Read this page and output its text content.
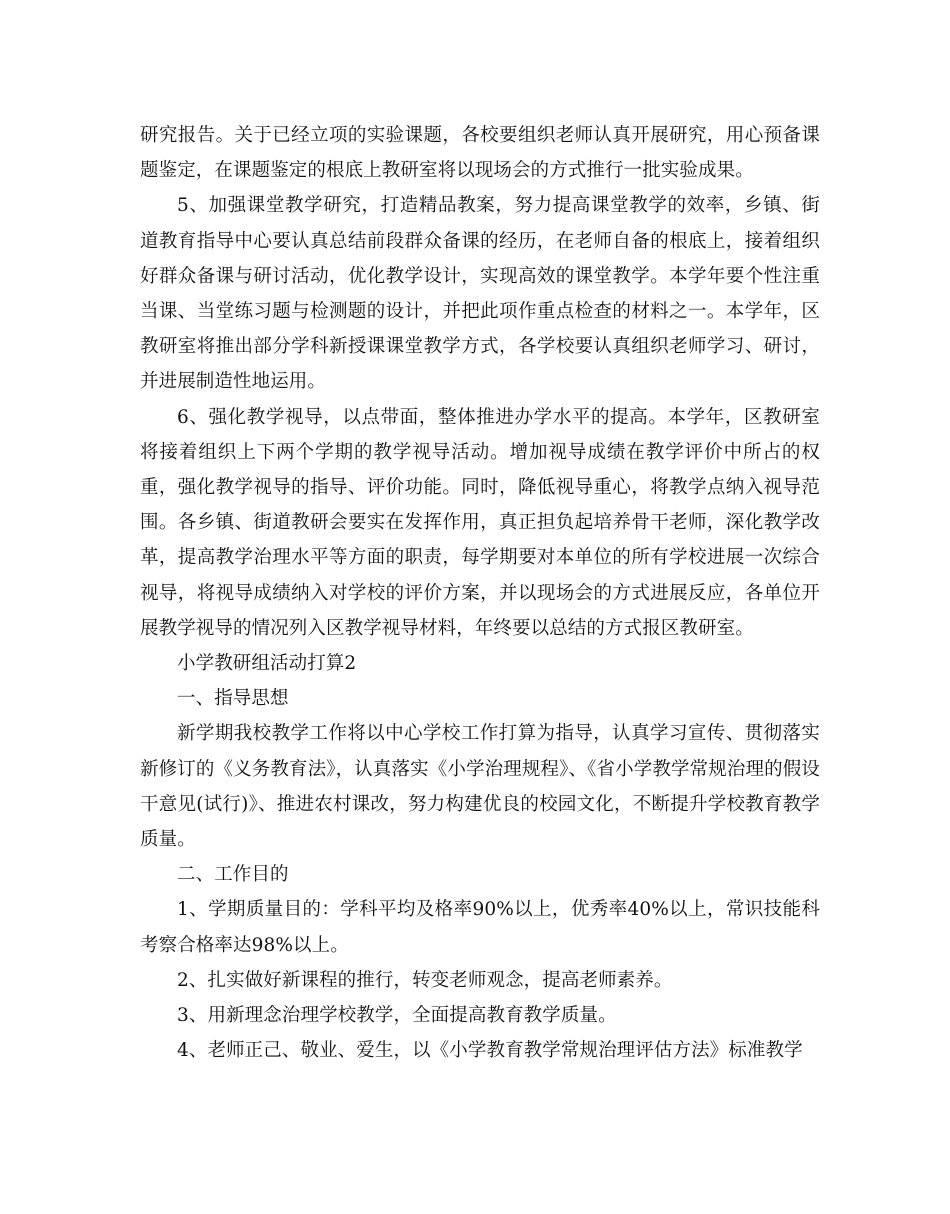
研究报告。关于已经立项的实验课题，各校要组织老师认真开展研究，用心预备课题鉴定，在课题鉴定的根底上教研室将以现场会的方式推行一批实验成果。

5、加强课堂教学研究，打造精品教案，努力提高课堂教学的效率，乡镇、街道教育指导中心要认真总结前段群众备课的经历，在老师自备的根底上，接着组织好群众备课与研讨活动，优化教学设计，实现高效的课堂教学。本学年要个性注重当课、当堂练习题与检测题的设计，并把此项作重点检查的材料之一。本学年，区教研室将推出部分学科新授课课堂教学方式，各学校要认真组织老师学习、研讨，并进展制造性地运用。

6、强化教学视导，以点带面，整体推进办学水平的提高。本学年，区教研室将接着组织上下两个学期的教学视导活动。增加视导成绩在教学评价中所占的权重，强化教学视导的指导、评价功能。同时，降低视导重心，将教学点纳入视导范围。各乡镇、街道教研会要实在发挥作用，真正担负起培养骨干老师，深化教学改革，提高教学治理水平等方面的职责，每学期要对本单位的所有学校进展一次综合视导，将视导成绩纳入对学校的评价方案，并以现场会的方式进展反应，各单位开展教学视导的情况列入区教学视导材料，年终要以总结的方式报区教研室。

小学教研组活动打算2

一、指导思想

新学期我校教学工作将以中心学校工作打算为指导，认真学习宣传、贯彻落实新修订的《义务教育法》，认真落实《小学治理规程》、《省小学教学常规治理的假设干意见(试行)》、推进农村课改，努力构建优良的校园文化，不断提升学校教育教学质量。

二、工作目的

1、学期质量目的：学科平均及格率90%以上，优秀率40%以上，常识技能科考察合格率达98%以上。

2、扎实做好新课程的推行，转变老师观念，提高老师素养。

3、用新理念治理学校教学，全面提高教育教学质量。

4、老师正己、敬业、爱生，以《小学教育教学常规治理评估方法》标准教学
